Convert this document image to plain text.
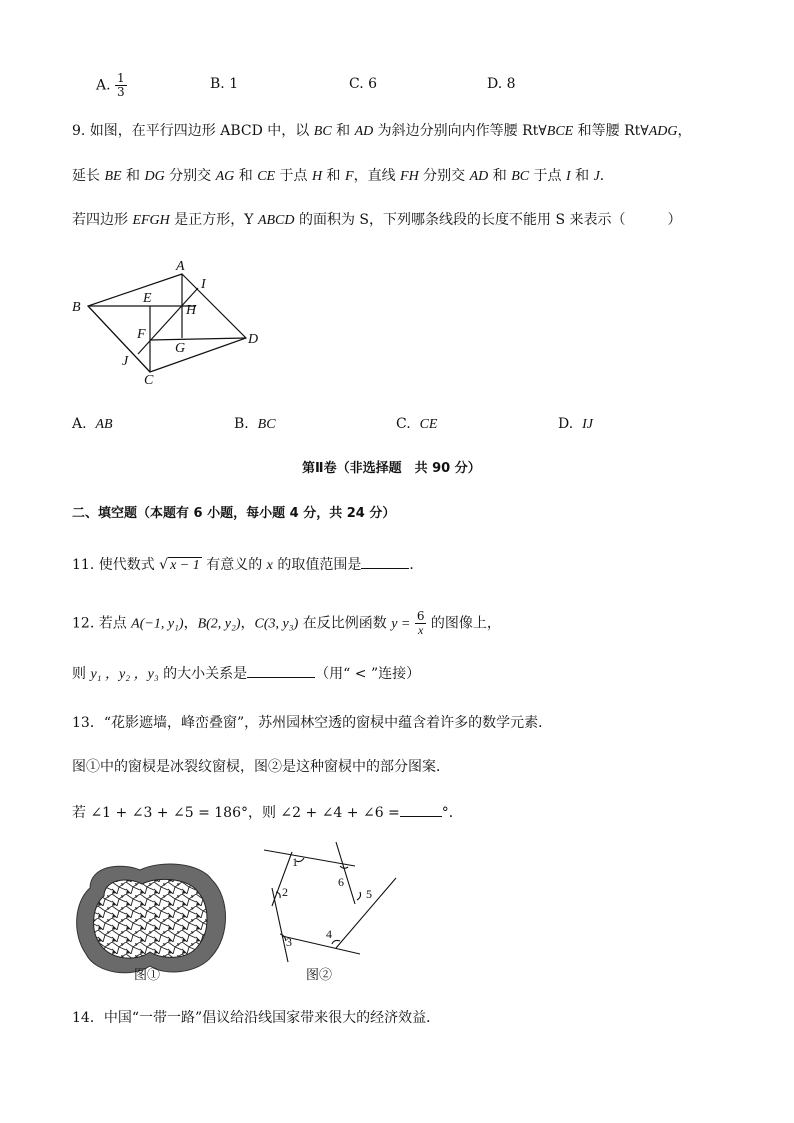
A. $\frac{1}{3}$	B. 1	C. 6	D. 8
9. 如图，在平行四边形 ABCD 中，以 BC 和 AD 为斜边分别向内作等腰 Rt∀BCE 和等腰 Rt∀ADG，
延长 BE 和 DG 分别交 AG 和 CE 于点 H 和 F，直线 FH 分别交 AD 和 BC 于点 I 和 J．
若四边形 EFGH 是正方形，Y ABCD 的面积为 S，下列哪条线段的长度不能用 S 来表示（　　　）
A
I
B
E
H
F
G
D
J
C
A. AB	B. BC	C. CE	D. IJ
第Ⅱ卷（非选择题　共 90 分）
二、填空题（本题有 6 小题，每小题 4 分，共 24 分）
11. 使代数式 √ x − 1 有意义的 x 的取值范围是	．
12. 若点 A(−1, y₁)，B(2, y₂)，C(3, y₃) 在反比例函数 $y = \frac{6}{x}$ 的图像上，
则 y₁ ，y₂ ，y₃ 的大小关系是	（用“ < ”连接）
13．“花影遮墙，峰峦叠窗”，苏州园林空透的窗棂中蕴含着许多的数学元素．
图①中的窗棂是冰裂纹窗棂，图②是这种窗棂中的部分图案．
若 ∠1 + ∠3 + ∠5 = 186°，则 ∠2 + ∠4 + ∠6 =	°．
图①
1
6
2	5
3
4
图②
14．中国“一带一路”倡议给沿线国家带来很大的经济效益．
